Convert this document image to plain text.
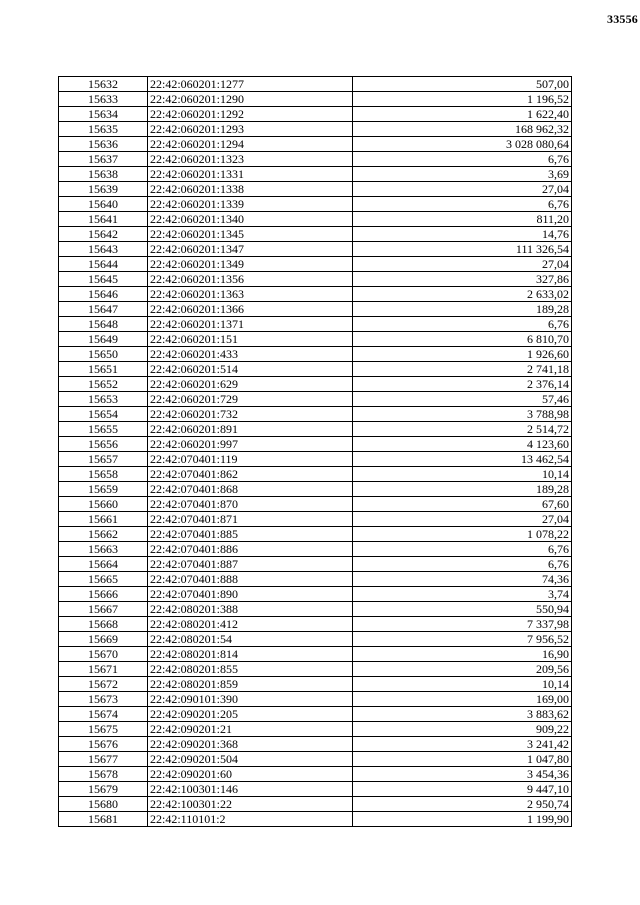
33556
15632	22:42:060201:1277	507,00
15633	22:42:060201:1290	1 196,52
15634	22:42:060201:1292	1 622,40
15635	22:42:060201:1293	168 962,32
15636	22:42:060201:1294	3 028 080,64
15637	22:42:060201:1323	6,76
15638	22:42:060201:1331	3,69
15639	22:42:060201:1338	27,04
15640	22:42:060201:1339	6,76
15641	22:42:060201:1340	811,20
15642	22:42:060201:1345	14,76
15643	22:42:060201:1347	111 326,54
15644	22:42:060201:1349	27,04
15645	22:42:060201:1356	327,86
15646	22:42:060201:1363	2 633,02
15647	22:42:060201:1366	189,28
15648	22:42:060201:1371	6,76
15649	22:42:060201:151	6 810,70
15650	22:42:060201:433	1 926,60
15651	22:42:060201:514	2 741,18
15652	22:42:060201:629	2 376,14
15653	22:42:060201:729	57,46
15654	22:42:060201:732	3 788,98
15655	22:42:060201:891	2 514,72
15656	22:42:060201:997	4 123,60
15657	22:42:070401:119	13 462,54
15658	22:42:070401:862	10,14
15659	22:42:070401:868	189,28
15660	22:42:070401:870	67,60
15661	22:42:070401:871	27,04
15662	22:42:070401:885	1 078,22
15663	22:42:070401:886	6,76
15664	22:42:070401:887	6,76
15665	22:42:070401:888	74,36
15666	22:42:070401:890	3,74
15667	22:42:080201:388	550,94
15668	22:42:080201:412	7 337,98
15669	22:42:080201:54	7 956,52
15670	22:42:080201:814	16,90
15671	22:42:080201:855	209,56
15672	22:42:080201:859	10,14
15673	22:42:090101:390	169,00
15674	22:42:090201:205	3 883,62
15675	22:42:090201:21	909,22
15676	22:42:090201:368	3 241,42
15677	22:42:090201:504	1 047,80
15678	22:42:090201:60	3 454,36
15679	22:42:100301:146	9 447,10
15680	22:42:100301:22	2 950,74
15681	22:42:110101:2	1 199,90
